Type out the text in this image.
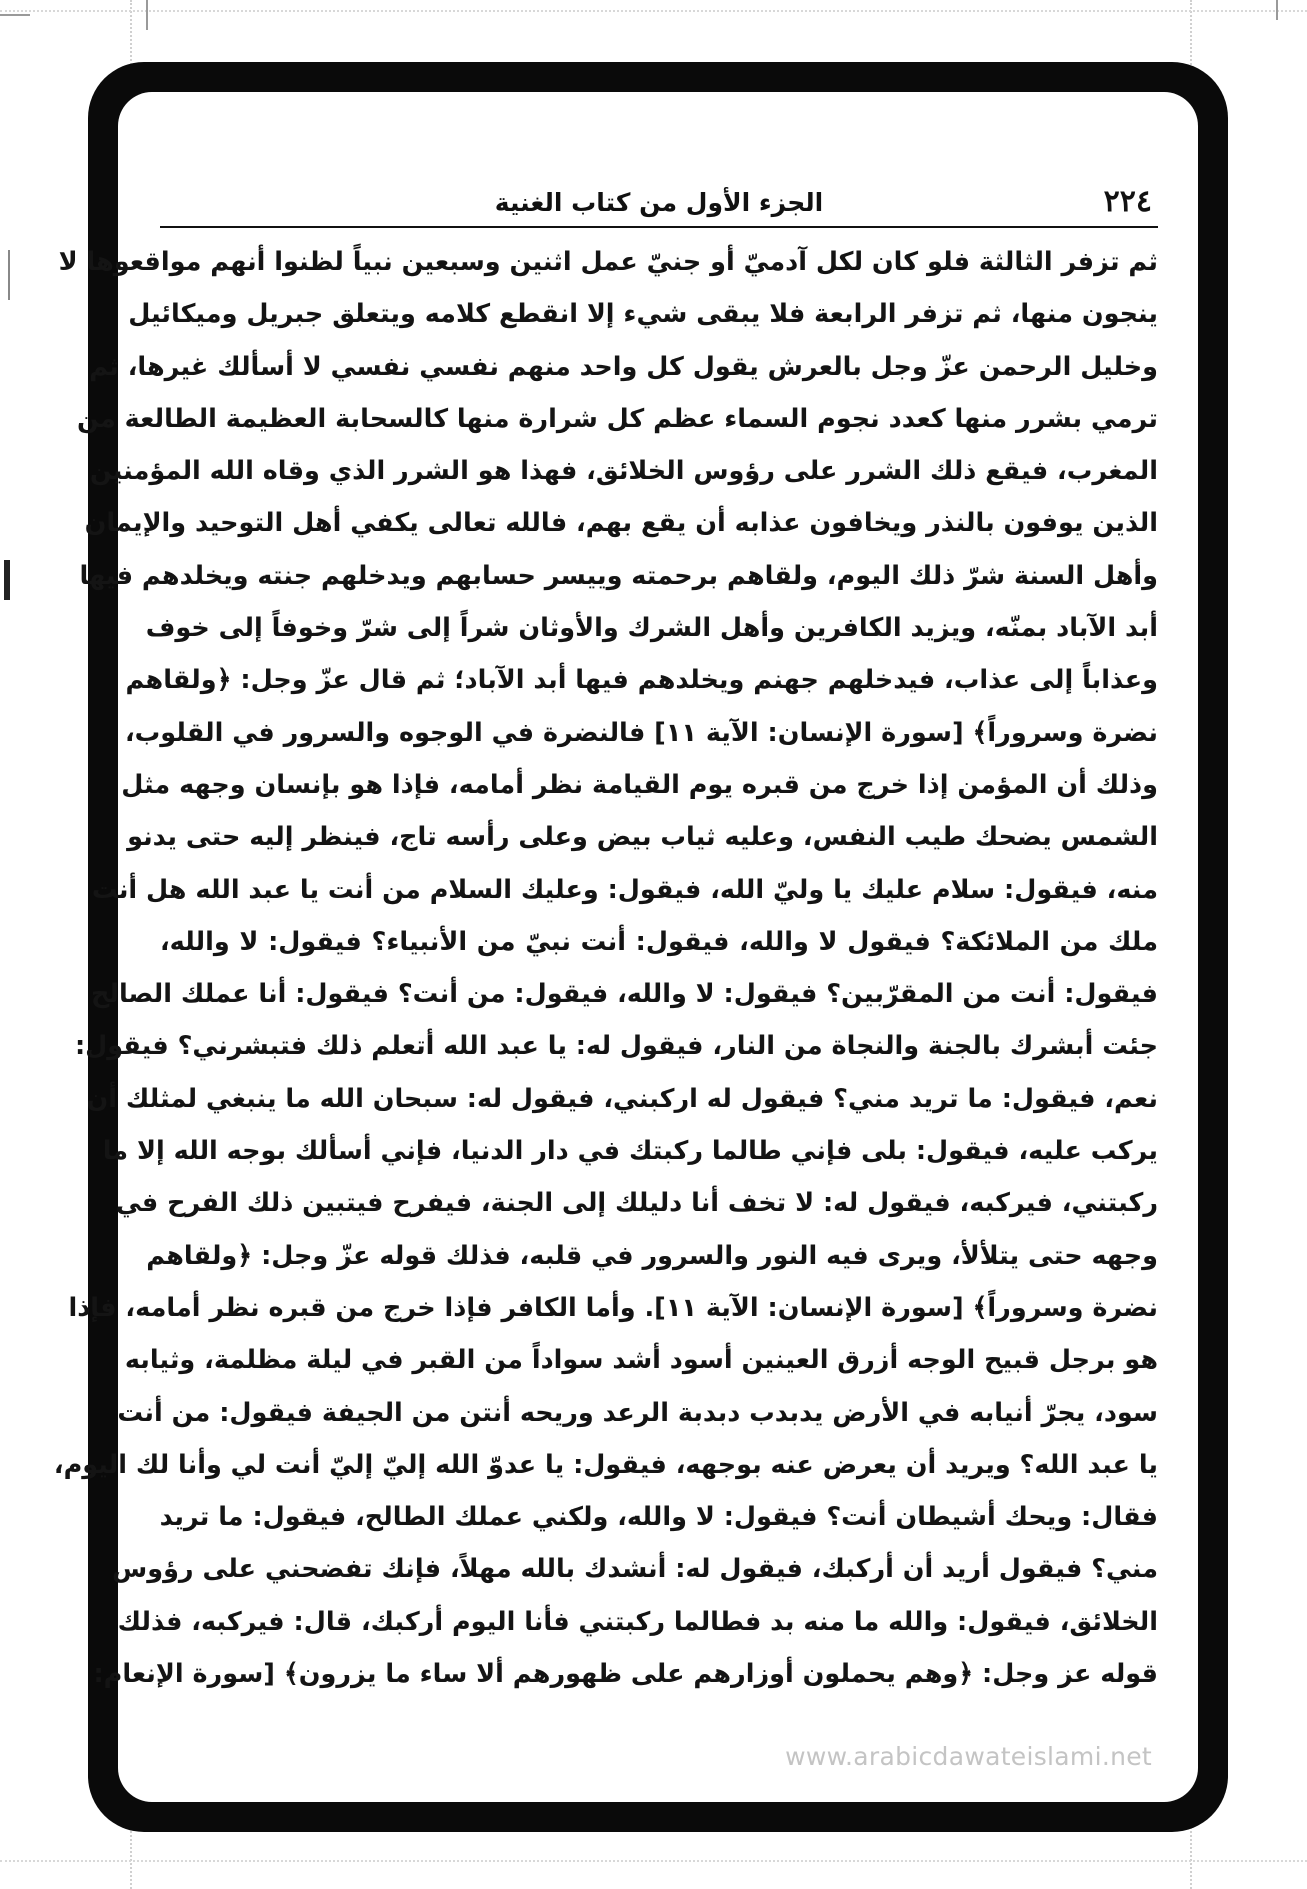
٢٢٤
الجزء الأول من كتاب الغنية
ثم تزفر الثالثة فلو كان لكل آدميّ أو جنيّ عمل اثنين وسبعين نبياً لظنوا أنهم مواقعوها لا
ينجون منها، ثم تزفر الرابعة فلا يبقى شيء إلا انقطع كلامه ويتعلق جبريل وميكائيل
وخليل الرحمن عزّ وجل بالعرش يقول كل واحد منهم نفسي نفسي لا أسألك غيرها، ثم
ترمي بشرر منها كعدد نجوم السماء عظم كل شرارة منها كالسحابة العظيمة الطالعة من
المغرب، فيقع ذلك الشرر على رؤوس الخلائق، فهذا هو الشرر الذي وقاه الله المؤمنين
الذين يوفون بالنذر ويخافون عذابه أن يقع بهم، فالله تعالى يكفي أهل التوحيد والإيمان
وأهل السنة شرّ ذلك اليوم، ولقاهم برحمته وييسر حسابهم ويدخلهم جنته ويخلدهم فيها
أبد الآباد بمنّه، ويزيد الكافرين وأهل الشرك والأوثان شراً إلى شرّ وخوفاً إلى خوف
وعذاباً إلى عذاب، فيدخلهم جهنم ويخلدهم فيها أبد الآباد؛ ثم قال عزّ وجل: ﴿ولقاهم
نضرة وسروراً﴾ [سورة الإنسان: الآية ١١] فالنضرة في الوجوه والسرور في القلوب،
وذلك أن المؤمن إذا خرج من قبره يوم القيامة نظر أمامه، فإذا هو بإنسان وجهه مثل
الشمس يضحك طيب النفس، وعليه ثياب بيض وعلى رأسه تاج، فينظر إليه حتى يدنو
منه، فيقول: سلام عليك يا وليّ الله، فيقول: وعليك السلام من أنت يا عبد الله هل أنت
ملك من الملائكة؟ فيقول لا والله، فيقول: أنت نبيّ من الأنبياء؟ فيقول: لا والله،
فيقول: أنت من المقرّبين؟ فيقول: لا والله، فيقول: من أنت؟ فيقول: أنا عملك الصالح
جئت أبشرك بالجنة والنجاة من النار، فيقول له: يا عبد الله أتعلم ذلك فتبشرني؟ فيقول:
نعم، فيقول: ما تريد مني؟ فيقول له اركبني، فيقول له: سبحان الله ما ينبغي لمثلك أن
يركب عليه، فيقول: بلى فإني طالما ركبتك في دار الدنيا، فإني أسألك بوجه الله إلا ما
ركبتني، فيركبه، فيقول له: لا تخف أنا دليلك إلى الجنة، فيفرح فيتبين ذلك الفرح في
وجهه حتى يتلألأ، ويرى فيه النور والسرور في قلبه، فذلك قوله عزّ وجل: ﴿ولقاهم
نضرة وسروراً﴾ [سورة الإنسان: الآية ١١]. وأما الكافر فإذا خرج من قبره نظر أمامه، فإذا
هو برجل قبيح الوجه أزرق العينين أسود أشد سواداً من القبر في ليلة مظلمة، وثيابه
سود، يجرّ أنيابه في الأرض يدبدب دبدبة الرعد وريحه أنتن من الجيفة فيقول: من أنت
يا عبد الله؟ ويريد أن يعرض عنه بوجهه، فيقول: يا عدوّ الله إليّ إليّ أنت لي وأنا لك اليوم،
فقال: ويحك أشيطان أنت؟ فيقول: لا والله، ولكني عملك الطالح، فيقول: ما تريد
مني؟ فيقول أريد أن أركبك، فيقول له: أنشدك بالله مهلاً، فإنك تفضحني على رؤوس
الخلائق، فيقول: والله ما منه بد فطالما ركبتني فأنا اليوم أركبك، قال: فيركبه، فذلك
قوله عز وجل: ﴿وهم يحملون أوزارهم على ظهورهم ألا ساء ما يزرون﴾ [سورة الإنعام:
www.arabicdawateislami.net
